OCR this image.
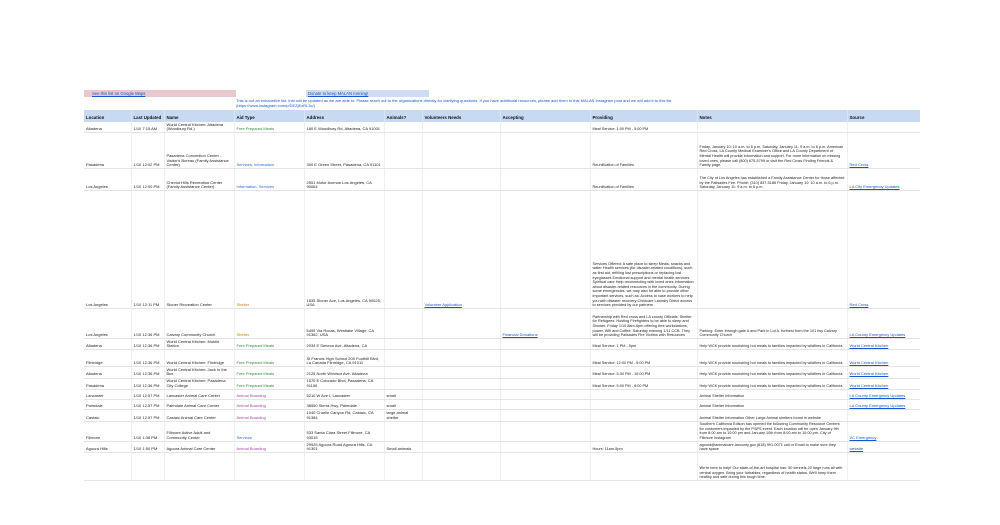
See this list on Google Maps	Donate to keep MALAN running!
This is not an exhaustive list. Info will be updated as we are able to. Please reach out to the organizations directly for clarifying questions. If you have additional resources, please add them to this MALAN Instagram post and we will add it to this list (https://www.instagram.com/p/DEZjEzRL3c/)
Location	Last Updated	Name	Aid Type	Address	Animals?	Volunteers Needs	Accepting	Providing	Notes	Source
Altadena	1/10 7:15 AM	World Central Kitchen: Altadena (Woodbury Rd.)	Free Prepared Meals	180 E Woodbury Rd, Altadena, CA 91001				Meal Service: 1:00 PM - 5:00 PM		
Pasadena	1/10 12:02 PM	Pasadena Convention Center - Visitor's Bureau (Family Assistance Center)	Services, Information	300 E Green Street, Pasadena, CA 91101				Reunification of Families	Friday, January 10: 10 a.m. to 6 p.m. Saturday, January 11: 9 a.m. to 6 p.m. American Red Cross, LA County Medical Examiner's Office and LA County Department of Mental Health will provide information and support. For more information on missing loved ones, please call (800) 675-5799 or visit the Red Cross Finding Friends & Family page.	Red Cross
Los Angeles	1/10 12:00 PM	Cheviot Hills Recreation Center (Family Assistance Center)	Information, Services	2551 Motor Avenue Los Angeles, CA 90064				Reunification of Families	The City of Los Angeles has established a Family Assistance Center for those affected by the Palisades Fire. Phone: (310) 837-5186 Friday, January 10: 10 a.m. to 6 p.m. Saturday, January 11: 9 a.m. to 6 p.m.	LA City Emergency Updates
Los Angeles	1/10 12:11 PM	Stoner Recreation Center	Shelter	1835 Stoner Ave, Los Angeles, CA 90025, USA		Volunteer Application		Services Offered: A safe place to sleep Meals, snacks and water Health services (for disaster-related conditions), such as first aid, refilling lost prescriptions or replacing lost eyeglasses Emotional support and mental health services Spiritual care Help reconnecting with loved ones Information about disaster-related resources in the community. During some emergencies, we may also be able to provide other important services, such as: Access to case workers to help you with disaster recovery Childcare Laundry Direct access to services provided by our partners		Red Cross
Los Angeles	1/10 12:36 PM	Calvary Community Church	Shelter	5495 Via Rocas, Westlake Village, CA 91362, USA			Financial Donations	Partnership with Red cross and LA county Officials. Shelter for Refugees. Hosting Firefighters to be able to sleep and Shower. Friday 1/10 8am-6pm offering free workstations, power, Wifi and Coffee. Saturday evening 1/11 CCB. They will be providing Palisades Fire Victims with Resources	Parking: Enter through gate A and Park in Lot A, furthest from the 101 fwy Calvary Community Church	LA County Emergency Updates
Altadena	1/10 12:36 PM	World Central Kitchen: Mobile Station	Free Prepared Meals	2034 E Seneca Ave, Altadena, CA				Meal Service: 1 PM - 5pm	Help WCK provide nourishing hot meals to families impacted by wildfires in California.	World Central Kitchen
Flintridge	1/10 12:36 PM	World Central Kitchen: Flintridge	Free Prepared Meals	St Francis High School 200 Foothill Blvd, La Canada Flintridge, CA 91011				Meal Service: 12:00 PM - 5:00 PM	Help WCK provide nourishing hot meals to families impacted by wildfires in California.	World Central Kitchen
Altadena	1/10 12:36 PM	World Central Kitchen: Jack In the Box	Free Prepared Meals	2125 North Windsor Ave. Altadena				Meal Service: 5:30 PM - 10:00 PM	Help WCK provide nourishing hot meals to families impacted by wildfires in California.	World Central Kitchen
Pasadena	1/10 12:36 PM	World Central Kitchen: Pasadena City College	Free Prepared Meals	1570 E Colorado Blvd, Pasadena, CA 91106				Meal Service: 5:00 PM - 9:00 PM	Help WCK provide nourishing hot meals to families impacted by wildfires in California.	World Central Kitchen
Lancaster	1/10 12:57 PM	Lancaster Animal Care Center	Animal Boarding	5210 W Ave I, Lancaster	small				Animal Shelter Information	LA County Emergency Updates
Palmdale	1/10 12:57 PM	Palmdale Animal Care Center	Animal Boarding	38550 Sierra Hwy, Palmdale	small				Animal Shelter Information	LA County Emergency Updates
Castaic	1/10 12:57 PM	Castaic Animal Care Center	Animal Boarding	1040 Charlie Canyon Rd, Castaic, CA 91384	large animal shelter				Animal Shelter Information Other Large Animal shelters found in website	
Fillmore	1/10 1:38 PM	Fillmore Active Adult and Community Center	Services	533 Santa Clara Street Fillmore, CA 93015					Southern California Edison has opened the following Community Resource Centers for customers impacted by the PSPS event. Each location will be open January 9th from 8:00 am to 10:00 pm and January 10th from 8:00 am to 10:00 pm. City of Fillmore Instagram	VC Emergency
Agoura Hills	1/10 1:50 PM	Agoura Animal Care Center	Animal Boarding	29525 Agoura Road Agoura Hills, CA 91301	Small animals			Hours: 11am-5pm	agoura@animalcare.lacounty.gov (818) 991-0071 call or Email to make sure they have space	website
									We're here to help! Our state-of-the-art hospital has: 50 kennels 20 large runs all with central oxygen. Bring your furbabies, regardless of health status. We'll keep them healthy and safe during this tough time.	
